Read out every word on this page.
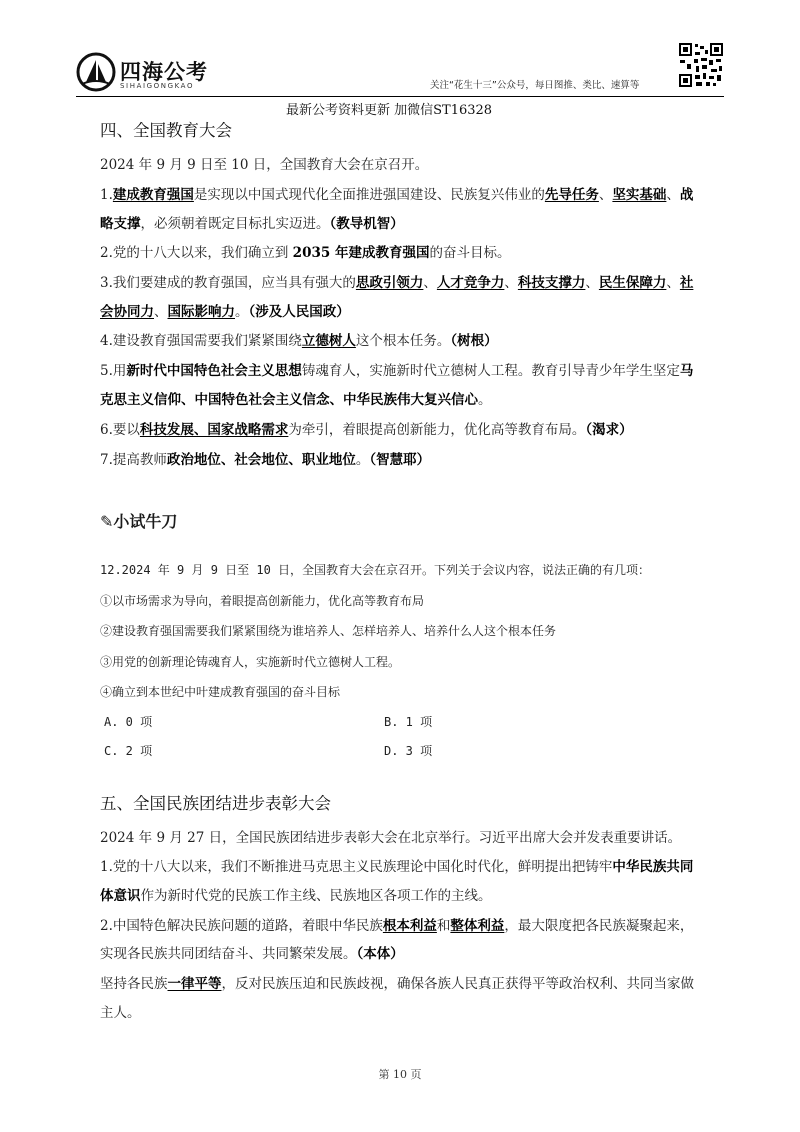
四海公考
SIHAIGONGKAO	关注“花生十三”公众号，每日图推、类比、速算等
最新公考资料更新 加微信ST16328
四、全国教育大会
2024 年 9 月 9 日至 10 日，全国教育大会在京召开。
1.建成教育强国是实现以中国式现代化全面推进强国建设、民族复兴伟业的先导任务、坚实基础、战
略支撑，必须朝着既定目标扎实迈进。（教导机智）
2.党的十八大以来，我们确立到 2035 年建成教育强国的奋斗目标。
3.我们要建成的教育强国，应当具有强大的思政引领力、人才竞争力、科技支撑力、民生保障力、社
会协同力、国际影响力。（涉及人民国政）
4.建设教育强国需要我们紧紧围绕立德树人这个根本任务。（树根）
5.用新时代中国特色社会主义思想铸魂育人，实施新时代立德树人工程。教育引导青少年学生坚定马
克思主义信仰、中国特色社会主义信念、中华民族伟大复兴信心。
6.要以科技发展、国家战略需求为牵引，着眼提高创新能力，优化高等教育布局。（渴求）
7.提高教师政治地位、社会地位、职业地位。（智慧耶）
✎小试牛刀
12.2024 年 9 月 9 日至 10 日，全国教育大会在京召开。下列关于会议内容，说法正确的有几项：
①以市场需求为导向，着眼提高创新能力，优化高等教育布局
②建设教育强国需要我们紧紧围绕为谁培养人、怎样培养人、培养什么人这个根本任务
③用党的创新理论铸魂育人，实施新时代立德树人工程。
④确立到本世纪中叶建成教育强国的奋斗目标
A. 0 项	B. 1 项
C. 2 项	D. 3 项
五、全国民族团结进步表彰大会
2024 年 9 月 27 日，全国民族团结进步表彰大会在北京举行。习近平出席大会并发表重要讲话。
1.党的十八大以来，我们不断推进马克思主义民族理论中国化时代化，鲜明提出把铸牢中华民族共同
体意识作为新时代党的民族工作主线、民族地区各项工作的主线。
2.中国特色解决民族问题的道路，着眼中华民族根本利益和整体利益，最大限度把各民族凝聚起来，
实现各民族共同团结奋斗、共同繁荣发展。（本体）
坚持各民族一律平等，反对民族压迫和民族歧视，确保各族人民真正获得平等政治权利、共同当家做
主人。
第 10 页
